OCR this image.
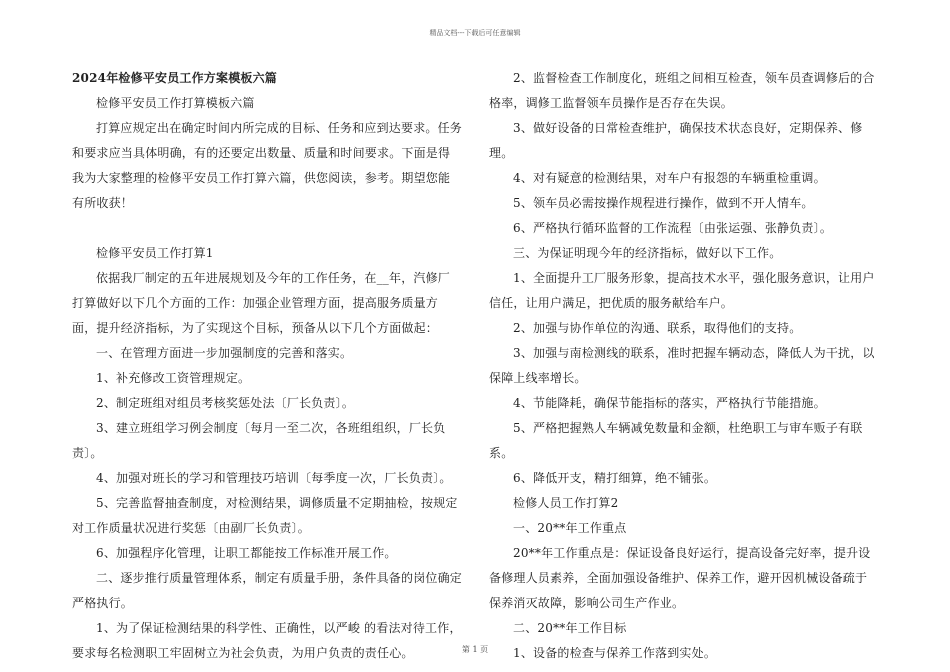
精品文档---下载后可任意编辑

2024年检修平安员工作方案模板六篇

检修平安员工作打算模板六篇

打算应规定出在确定时间内所完成的目标、任务和应到达要求。任务和要求应当具体明确，有的还要定出数量、质量和时间要求。下面是得我为大家整理的检修平安员工作打算六篇，供您阅读，参考。期望您能有所收获！

检修平安员工作打算1

依据我厂制定的五年进展规划及今年的工作任务，在__年，汽修厂打算做好以下几个方面的工作：加强企业管理方面，提高服务质量方面，提升经济指标，为了实现这个目标，预备从以下几个方面做起：

一、在管理方面进一步加强制度的完善和落实。

1、补充修改工资管理规定。

2、制定班组对组员考核奖惩处法〔厂长负责〕。

3、建立班组学习例会制度〔每月一至二次，各班组组织，厂长负责〕。

4、加强对班长的学习和管理技巧培训〔每季度一次，厂长负责〕。

5、完善监督抽查制度，对检测结果，调修质量不定期抽检，按规定对工作质量状况进行奖惩〔由副厂长负责〕。

6、加强程序化管理，让职工都能按工作标准开展工作。

二、逐步推行质量管理体系，制定有质量手册，条件具备的岗位确定严格执行。

1、为了保证检测结果的科学性、正确性，以严峻 的看法对待工作，要求每名检测职工牢固树立为社会负责，为用户负责的责任心。

2、监督检查工作制度化，班组之间相互检查，领车员查调修后的合格率，调修工监督领车员操作是否存在失误。

3、做好设备的日常检查维护，确保技术状态良好，定期保养、修理。

4、对有疑意的检测结果，对车户有报怨的车辆重检重调。

5、领车员必需按操作规程进行操作，做到不开人情车。

6、严格执行循环监督的工作流程〔由张运强、张静负责〕。

三、为保证明现今年的经济指标，做好以下工作。

1、全面提升工厂服务形象，提高技术水平，强化服务意识，让用户信任，让用户满足，把优质的服务献给车户。

2、加强与协作单位的沟通、联系，取得他们的支持。

3、加强与南检测线的联系，准时把握车辆动态，降低人为干扰，以保障上线率增长。

4、节能降耗，确保节能指标的落实，严格执行节能措施。

5、严格把握熟人车辆减免数量和金额，杜绝职工与审车贩子有联系。

6、降低开支，精打细算，绝不铺张。

检修人员工作打算2

一、20**年工作重点

20**年工作重点是：保证设备良好运行，提高设备完好率，提升设备修理人员素养，全面加强设备维护、保养工作，避开因机械设备疏于保养消灭故障，影响公司生产作业。

二、20**年工作目标

1、设备的检查与保养工作落到实处。

第 1 页
